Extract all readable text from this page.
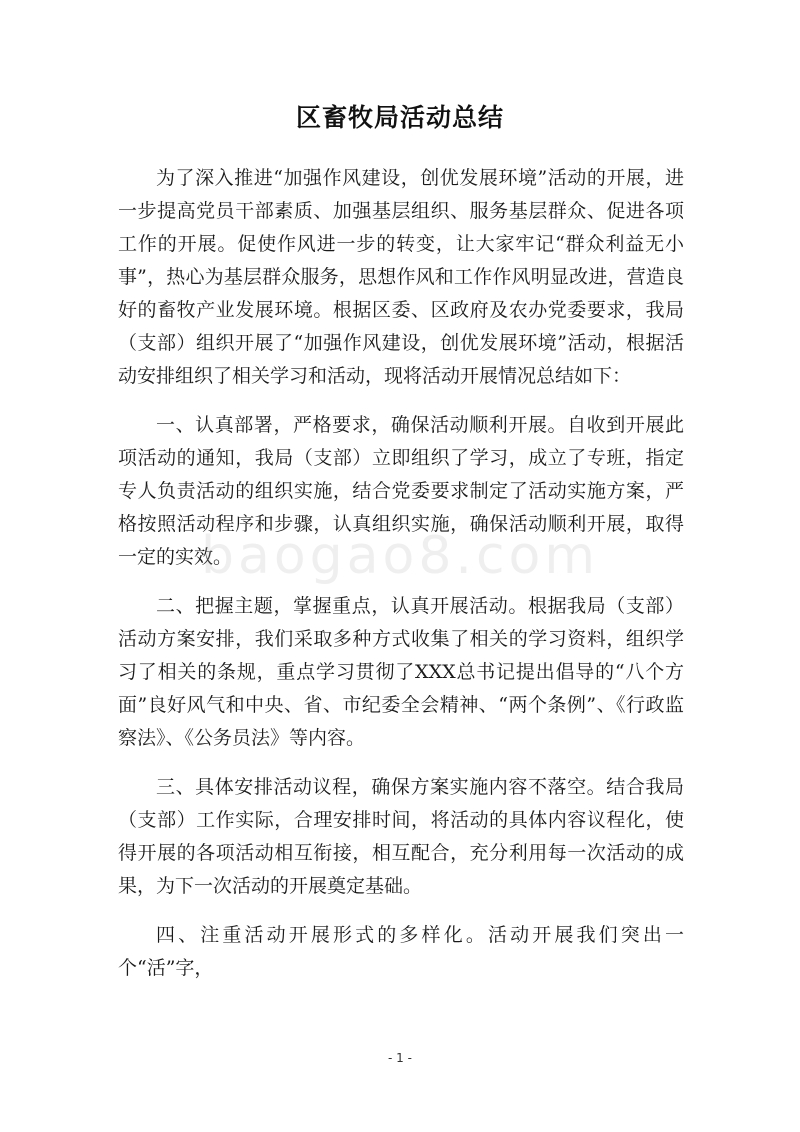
区畜牧局活动总结

为了深入推进“加强作风建设，创优发展环境”活动的开展，进一步提高党员干部素质、加强基层组织、服务基层群众、促进各项工作的开展。促使作风进一步的转变，让大家牢记“群众利益无小事”，热心为基层群众服务，思想作风和工作作风明显改进，营造良好的畜牧产业发展环境。根据区委、区政府及农办党委要求，我局（支部）组织开展了“加强作风建设，创优发展环境”活动，根据活动安排组织了相关学习和活动，现将活动开展情况总结如下：

一、认真部署，严格要求，确保活动顺利开展。自收到开展此项活动的通知，我局（支部）立即组织了学习，成立了专班，指定专人负责活动的组织实施，结合党委要求制定了活动实施方案，严格按照活动程序和步骤，认真组织实施，确保活动顺利开展，取得一定的实效。

二、把握主题，掌握重点，认真开展活动。根据我局（支部）活动方案安排，我们采取多种方式收集了相关的学习资料，组织学习了相关的条规，重点学习贯彻了XXX总书记提出倡导的“八个方面”良好风气和中央、省、市纪委全会精神、“两个条例”、《行政监察法》、《公务员法》等内容。

三、具体安排活动议程，确保方案实施内容不落空。结合我局（支部）工作实际，合理安排时间，将活动的具体内容议程化，使得开展的各项活动相互衔接，相互配合，充分利用每一次活动的成果，为下一次活动的开展奠定基础。

四、注重活动开展形式的多样化。活动开展我们突出一个“活”字，

baogao8.com
- 1 -
